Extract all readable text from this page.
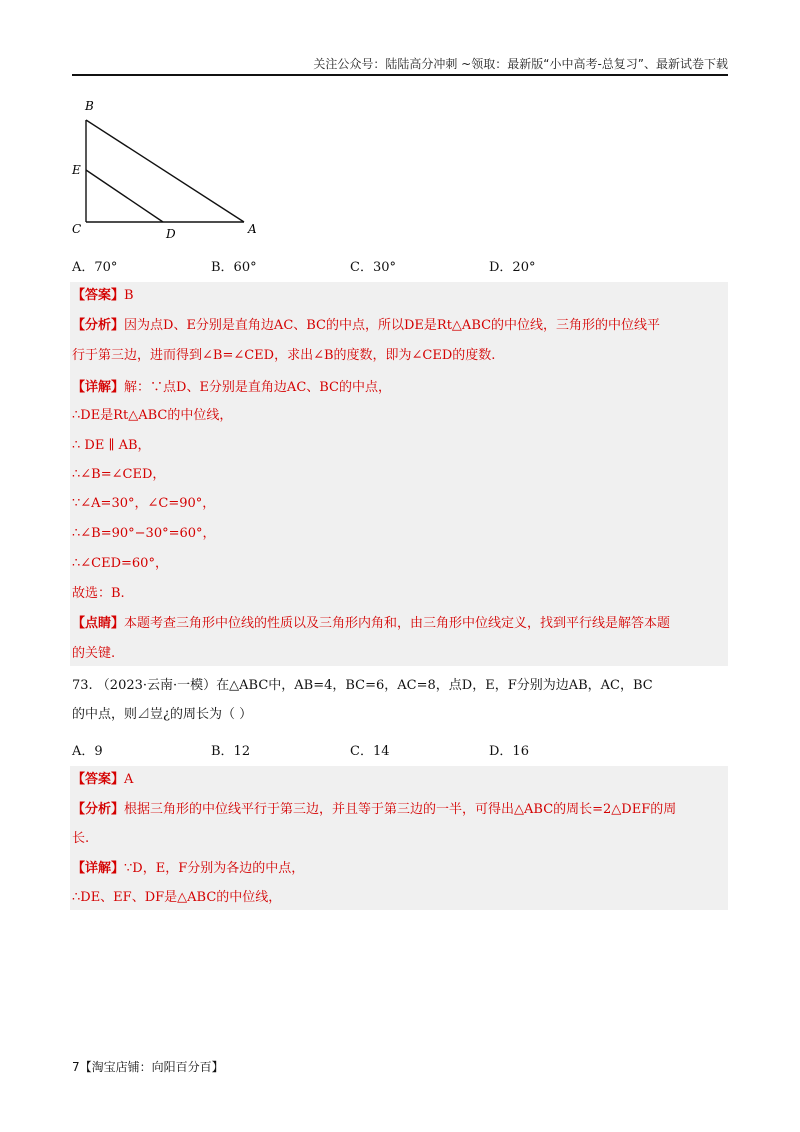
关注公众号：陆陆高分冲刺 ~领取：最新版“小中高考-总复习”、最新试卷下载
B
E
C	D	A
A．70°	B．60°	C．30°	D．20°
【答案】B
【分析】因为点D、E分别是直角边AC、BC的中点，所以DE是Rt△ABC的中位线，三角形的中位线平
行于第三边，进而得到∠B=∠CED，求出∠B的度数，即为∠CED的度数.
【详解】解：∵点D、E分别是直角边AC、BC的中点，
∴DE是Rt△ABC的中位线，
∴ DE ∥ AB，
∴∠B=∠CED，
∵∠A=30°，∠C=90°，
∴∠B=90°−30°=60°，
∴∠CED=60°，
故选：B.
【点睛】本题考查三角形中位线的性质以及三角形内角和，由三角形中位线定义，找到平行线是解答本题
的关键.
73. （2023·云南·一模）在△ABC中，AB=4，BC=6，AC=8，点D，E，F分别为边AB，AC，BC
的中点，则⊿豈¿的周长为（ ）
A．9	B．12	C．14	D．16
【答案】A
【分析】根据三角形的中位线平行于第三边，并且等于第三边的一半，可得出△ABC的周长=2△DEF的周
长.
【详解】∵D，E，F分别为各边的中点，
∴DE、EF、DF是△ABC的中位线，
7【淘宝店铺：向阳百分百】
